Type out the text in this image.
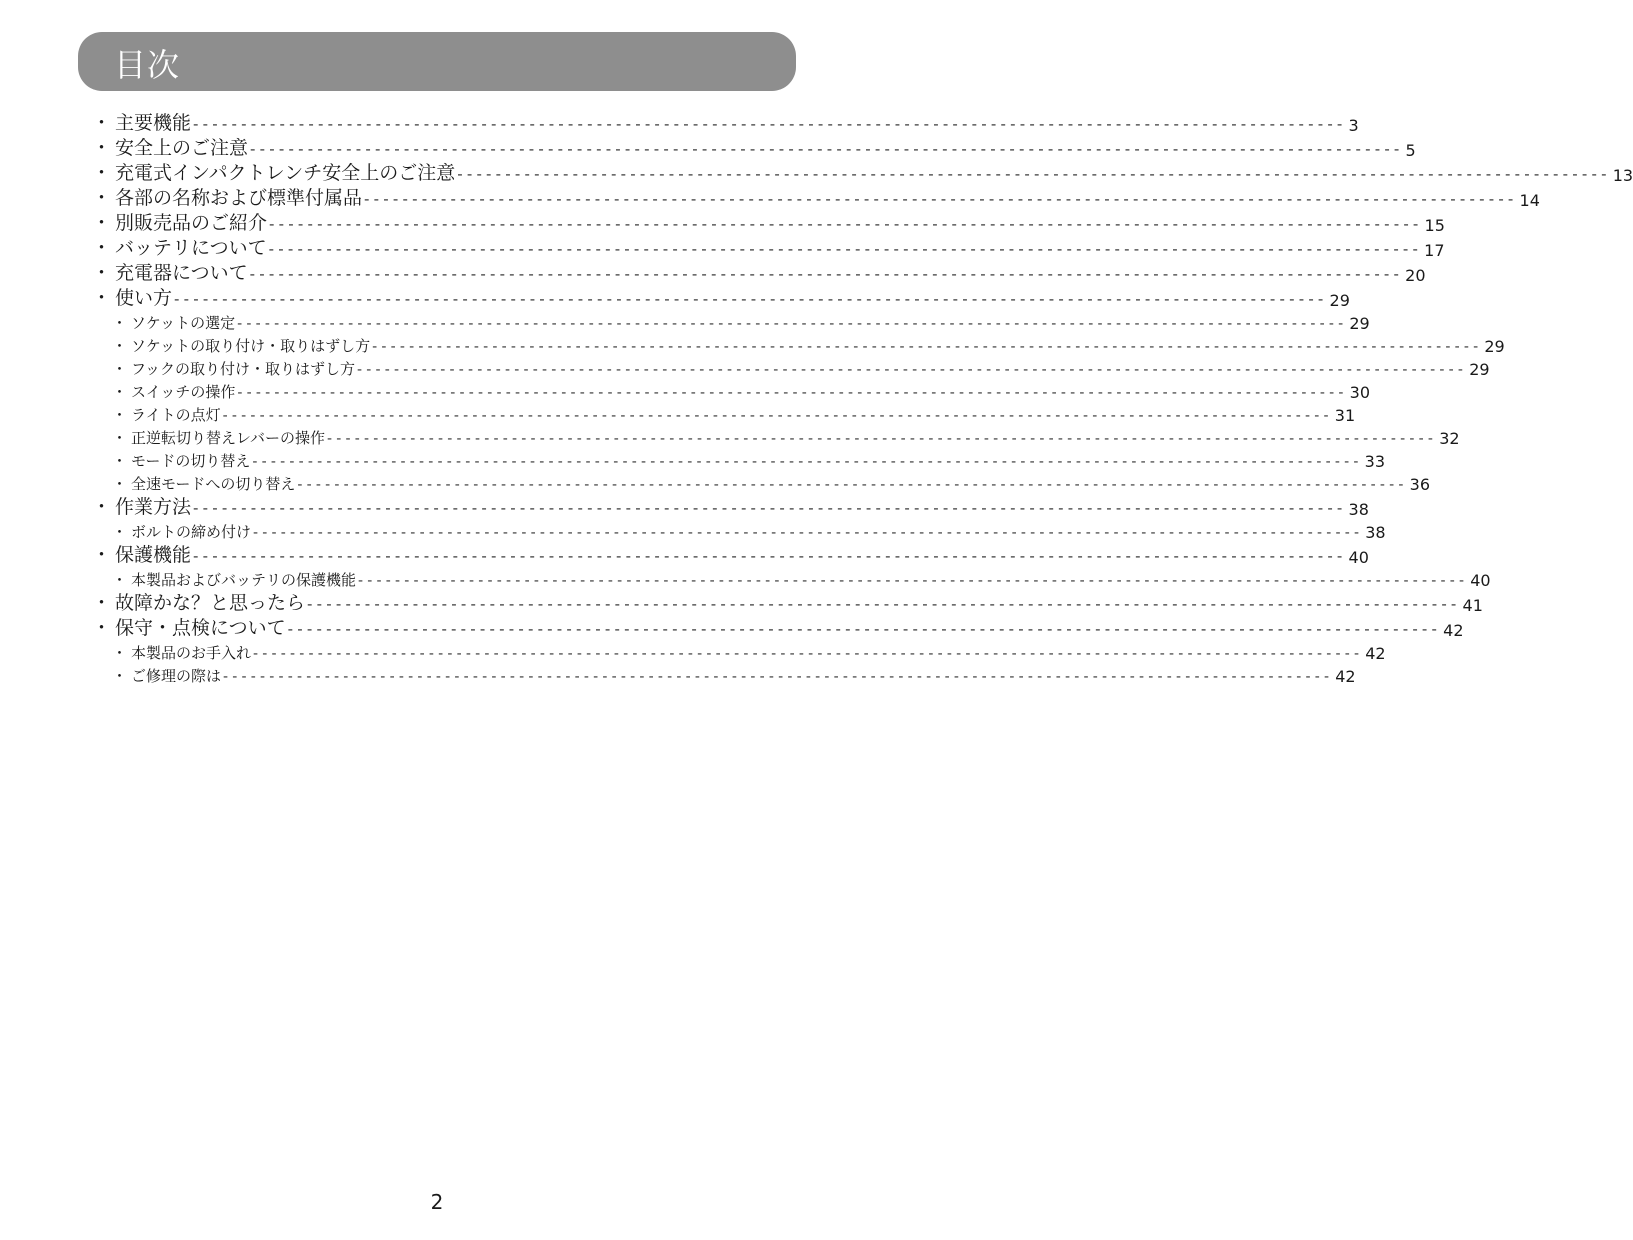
目次
・ 主要機能 ------------------------------------------------------------------------------------------------------------------------ 3
・ 安全上のご注意 ------------------------------------------------------------------------------------------------------------------------ 5
・ 充電式インパクトレンチ安全上のご注意 ------------------------------------------------------------------------------------------------------------------------ 13
・ 各部の名称および標準付属品 ------------------------------------------------------------------------------------------------------------------------ 14
・ 別販売品のご紹介 ------------------------------------------------------------------------------------------------------------------------ 15
・ バッテリについて ------------------------------------------------------------------------------------------------------------------------ 17
・ 充電器について ------------------------------------------------------------------------------------------------------------------------ 20
・ 使い方 ------------------------------------------------------------------------------------------------------------------------ 29
・ ソケットの選定 ------------------------------------------------------------------------------------------------------------------------ 29
・ ソケットの取り付け・取りはずし方 ------------------------------------------------------------------------------------------------------------------------ 29
・ フックの取り付け・取りはずし方 ------------------------------------------------------------------------------------------------------------------------ 29
・ スイッチの操作 ------------------------------------------------------------------------------------------------------------------------ 30
・ ライトの点灯 ------------------------------------------------------------------------------------------------------------------------ 31
・ 正逆転切り替えレバーの操作 ------------------------------------------------------------------------------------------------------------------------ 32
・ モードの切り替え ------------------------------------------------------------------------------------------------------------------------ 33
・ 全速モードへの切り替え ------------------------------------------------------------------------------------------------------------------------ 36
・ 作業方法 ------------------------------------------------------------------------------------------------------------------------ 38
・ ボルトの締め付け ------------------------------------------------------------------------------------------------------------------------ 38
・ 保護機能 ------------------------------------------------------------------------------------------------------------------------ 40
・ 本製品およびバッテリの保護機能 ------------------------------------------------------------------------------------------------------------------------ 40
・ 故障かな？と思ったら ------------------------------------------------------------------------------------------------------------------------ 41
・ 保守・点検について ------------------------------------------------------------------------------------------------------------------------ 42
・ 本製品のお手入れ ------------------------------------------------------------------------------------------------------------------------ 42
・ ご修理の際は ------------------------------------------------------------------------------------------------------------------------ 42
2
